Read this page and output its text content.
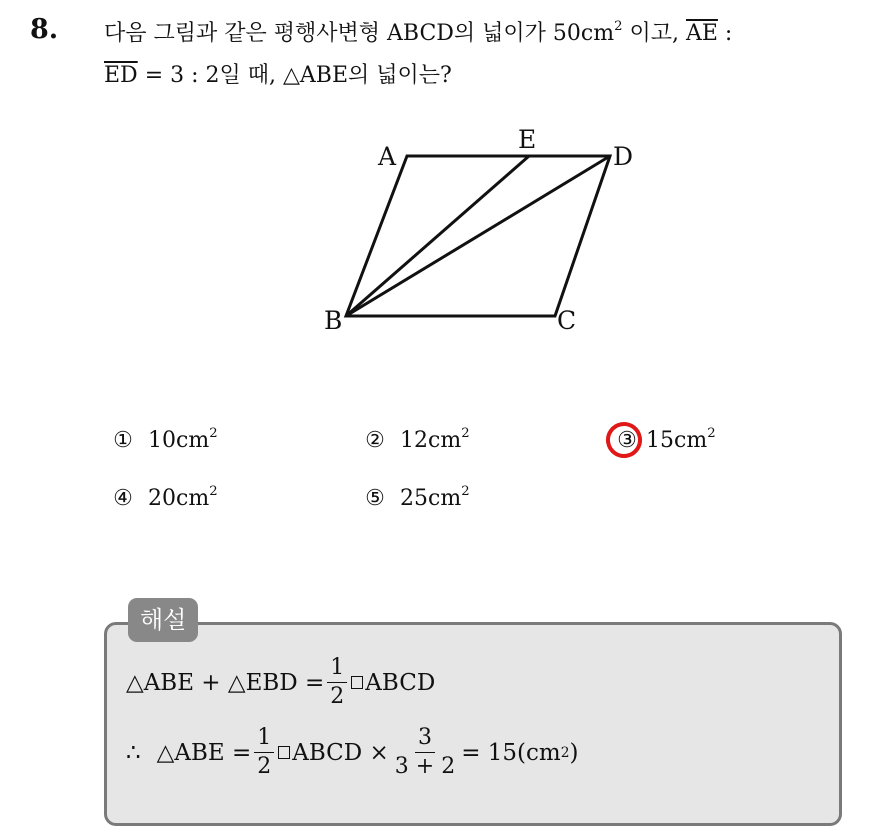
8. 다음 그림과 같은 평행사변형 ABCD의 넓이가 $50cm^2$ 이고, $\overline{AE}$ :
$\overline{ED} = 3$ : 2일 때, △ABE의 넓이는?
A
E
D
B	C
① $10cm^2$	② $12cm^2$	③ $15cm^2$
④ $20cm^2$	⑤ $25cm^2$
해설
△ABE + △EBD = $\frac{1}{2}$ ABCD
∴ △ABE = $\frac{1}{2}$ ABCD × $\frac{3}{3 + 2} = 15(cm$ 2 )
